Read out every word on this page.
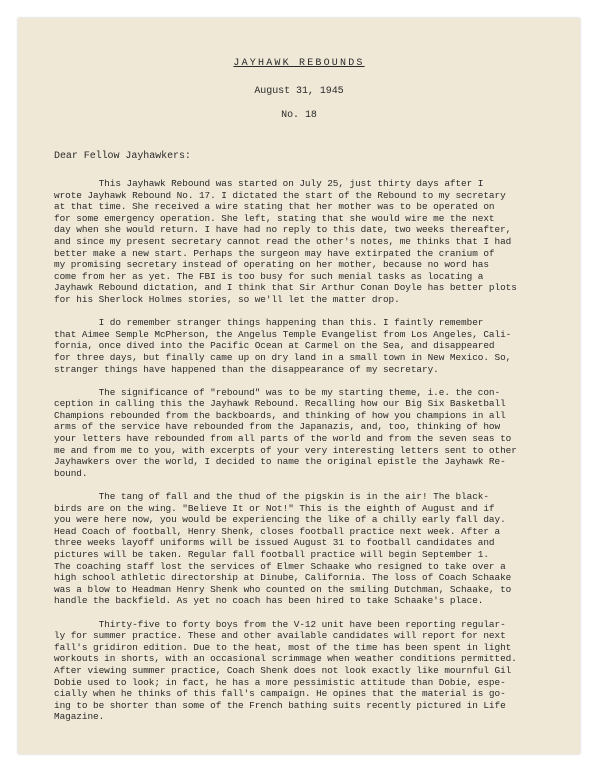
JAYHAWK REBOUNDS
August 31, 1945
No. 18
Dear Fellow Jayhawkers:
This Jayhawk Rebound was started on July 25, just thirty days after I
wrote Jayhawk Rebound No. 17. I dictated the start of the Rebound to my secretary
at that time. She received a wire stating that her mother was to be operated on
for some emergency operation. She left, stating that she would wire me the next
day when she would return. I have had no reply to this date, two weeks thereafter,
and since my present secretary cannot read the other's notes, me thinks that I had
better make a new start. Perhaps the surgeon may have extirpated the cranium of
my promising secretary instead of operating on her mother, because no word has
come from her as yet. The FBI is too busy for such menial tasks as locating a
Jayhawk Rebound dictation, and I think that Sir Arthur Conan Doyle has better plots
for his Sherlock Holmes stories, so we'll let the matter drop.
I do remember stranger things happening than this. I faintly remember
that Aimee Semple McPherson, the Angelus Temple Evangelist from Los Angeles, Cali-
fornia, once dived into the Pacific Ocean at Carmel on the Sea, and disappeared
for three days, but finally came up on dry land in a small town in New Mexico. So,
stranger things have happened than the disappearance of my secretary.
The significance of "rebound" was to be my starting theme, i.e. the con-
ception in calling this the Jayhawk Rebound. Recalling how our Big Six Basketball
Champions rebounded from the backboards, and thinking of how you champions in all
arms of the service have rebounded from the Japanazis, and, too, thinking of how
your letters have rebounded from all parts of the world and from the seven seas to
me and from me to you, with excerpts of your very interesting letters sent to other
Jayhawkers over the world, I decided to name the original epistle the Jayhawk Re-
bound.
The tang of fall and the thud of the pigskin is in the air! The black-
birds are on the wing. "Believe It or Not!" This is the eighth of August and if
you were here now, you would be experiencing the like of a chilly early fall day.
Head Coach of football, Henry Shenk, closes football practice next week. After a
three weeks layoff uniforms will be issued August 31 to football candidates and
pictures will be taken. Regular fall football practice will begin September 1.
The coaching staff lost the services of Elmer Schaake who resigned to take over a
high school athletic directorship at Dinube, California. The loss of Coach Schaake
was a blow to Headman Henry Shenk who counted on the smiling Dutchman, Schaake, to
handle the backfield. As yet no coach has been hired to take Schaake's place.
Thirty-five to forty boys from the V-12 unit have been reporting regular-
ly for summer practice. These and other available candidates will report for next
fall's gridiron edition. Due to the heat, most of the time has been spent in light
workouts in shorts, with an occasional scrimmage when weather conditions permitted.
After viewing summer practice, Coach Shenk does not look exactly like mournful Gil
Dobie used to look; in fact, he has a more pessimistic attitude than Dobie, espe-
cially when he thinks of this fall's campaign. He opines that the material is go-
ing to be shorter than some of the French bathing suits recently pictured in Life
Magazine.
